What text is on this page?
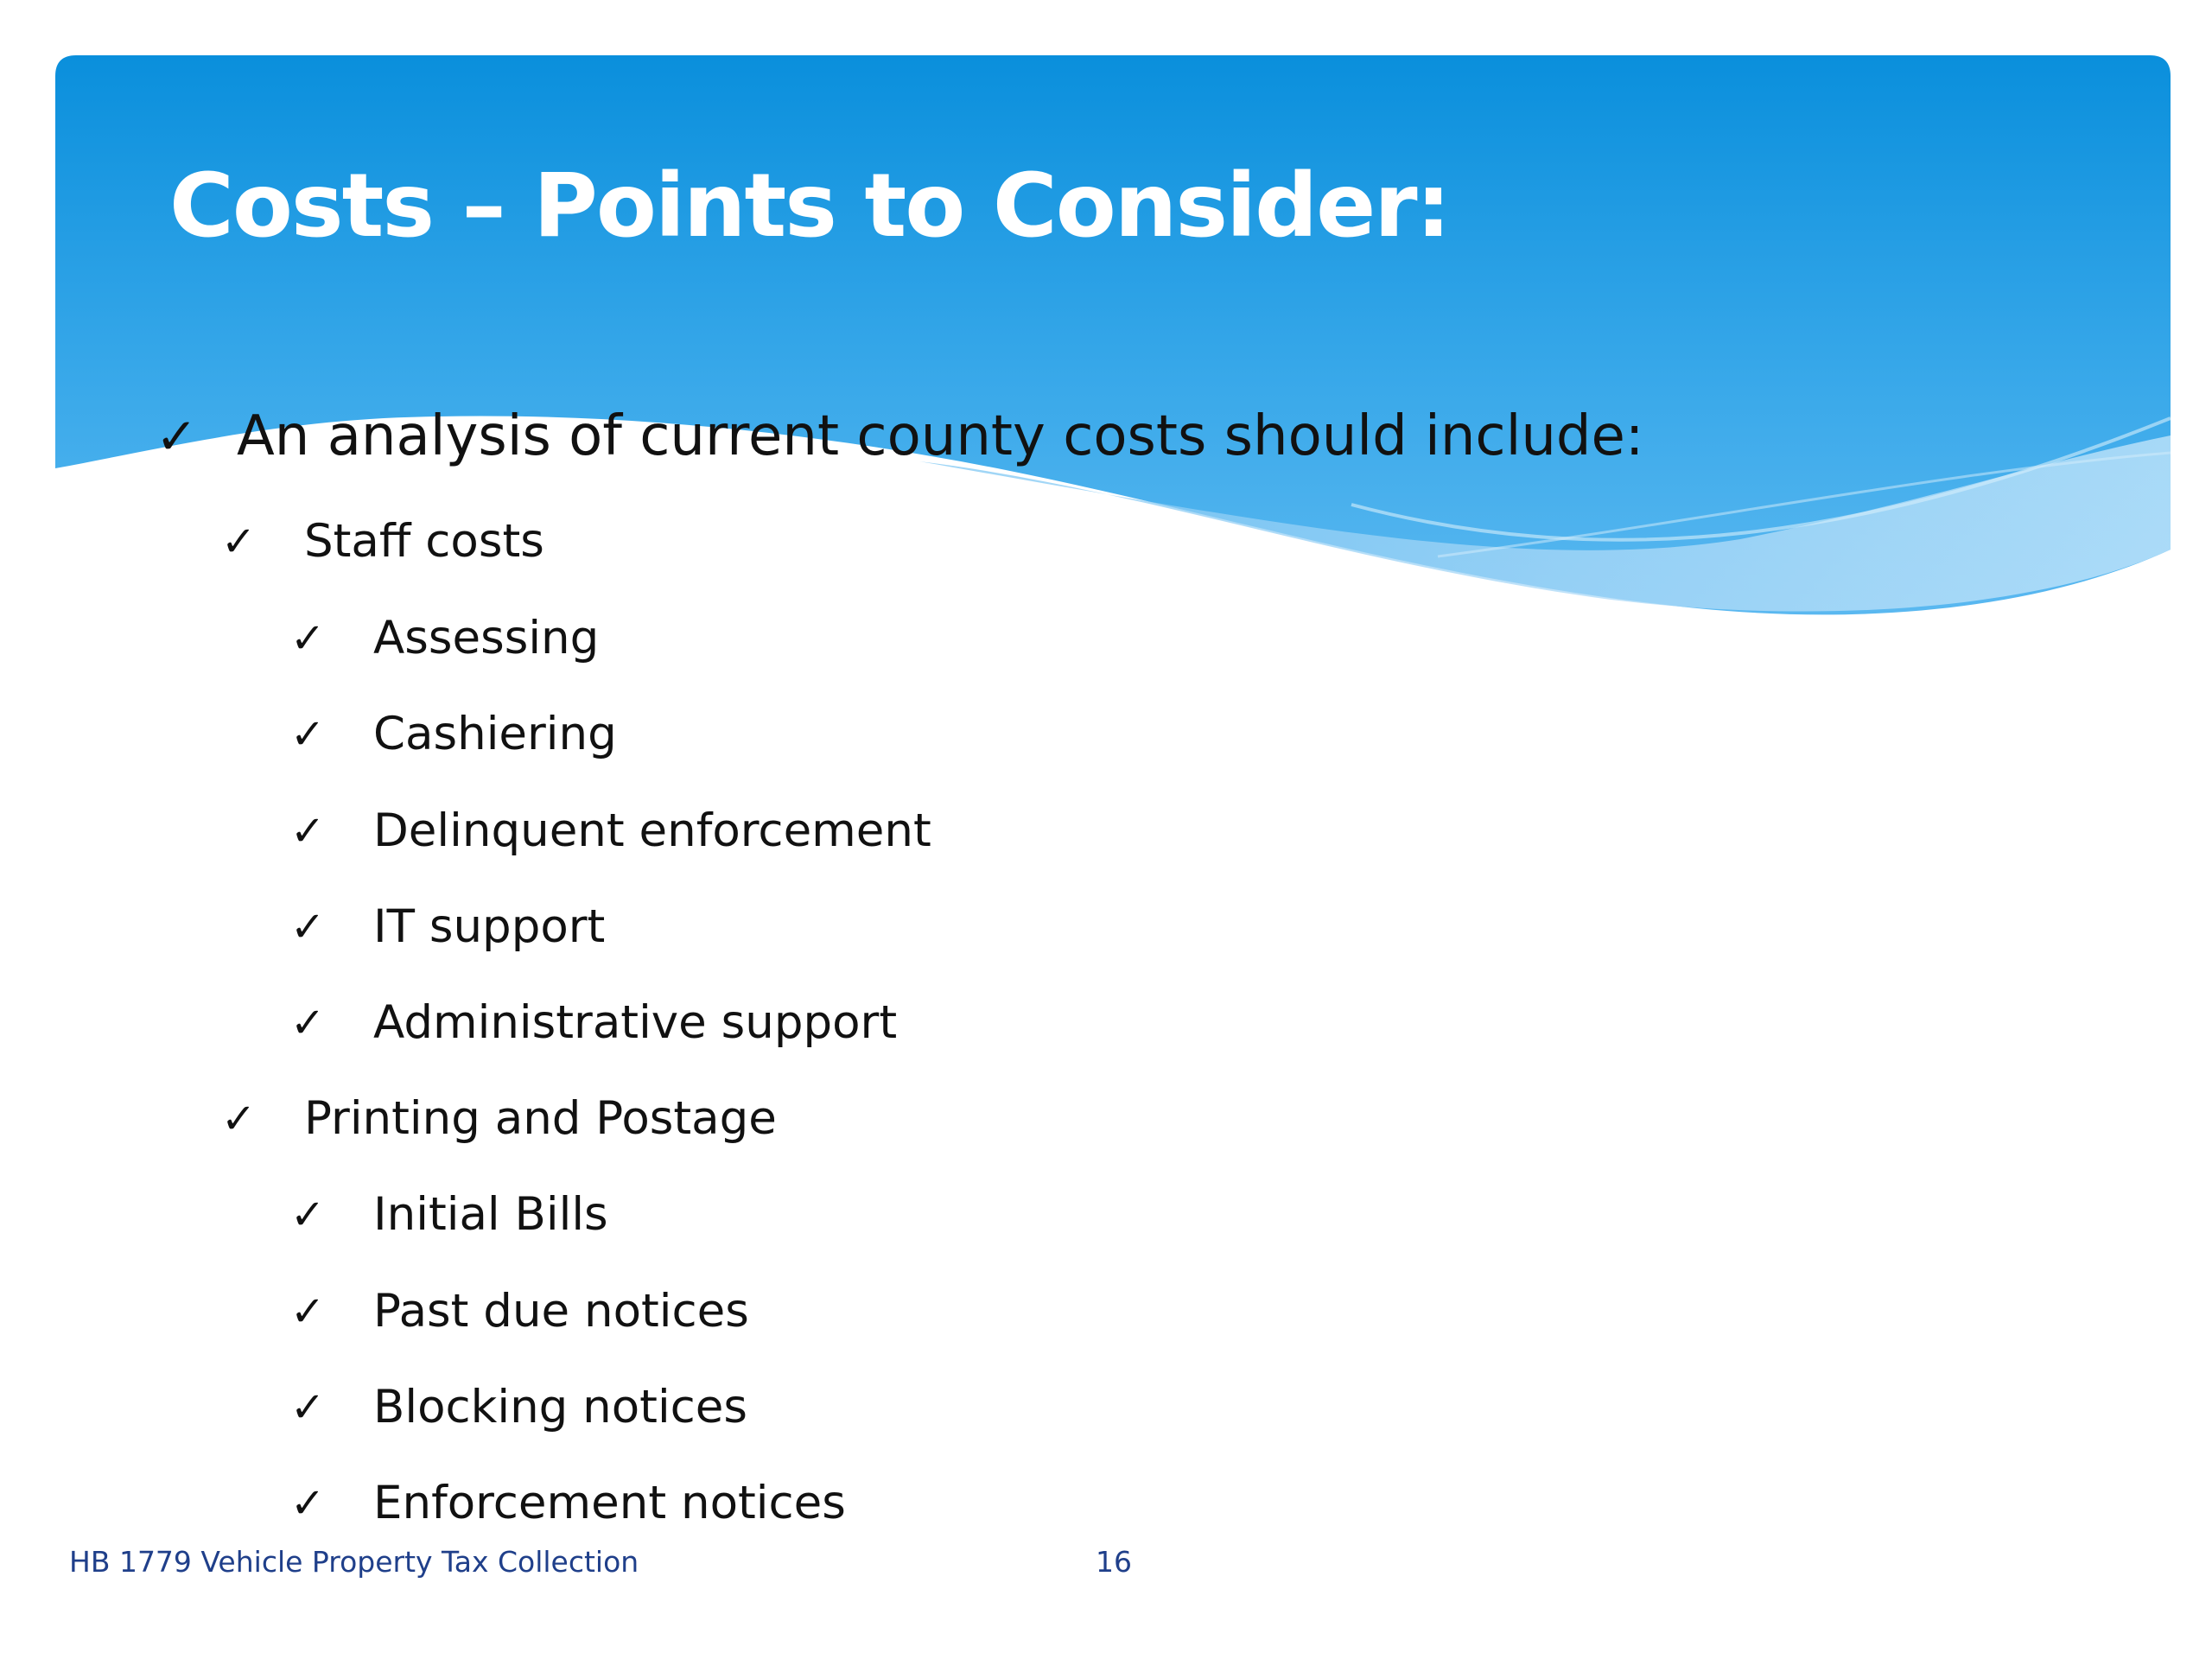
Costs – Points to Consider:
✓ An analysis of current county costs should include:
✓ Staff costs
✓ Assessing
✓ Cashiering
✓ Delinquent enforcement
✓ IT support
✓ Administrative support
✓ Printing and Postage
✓ Initial Bills
✓ Past due notices
✓ Blocking notices
✓ Enforcement notices
HB 1779 Vehicle Property Tax Collection	16
